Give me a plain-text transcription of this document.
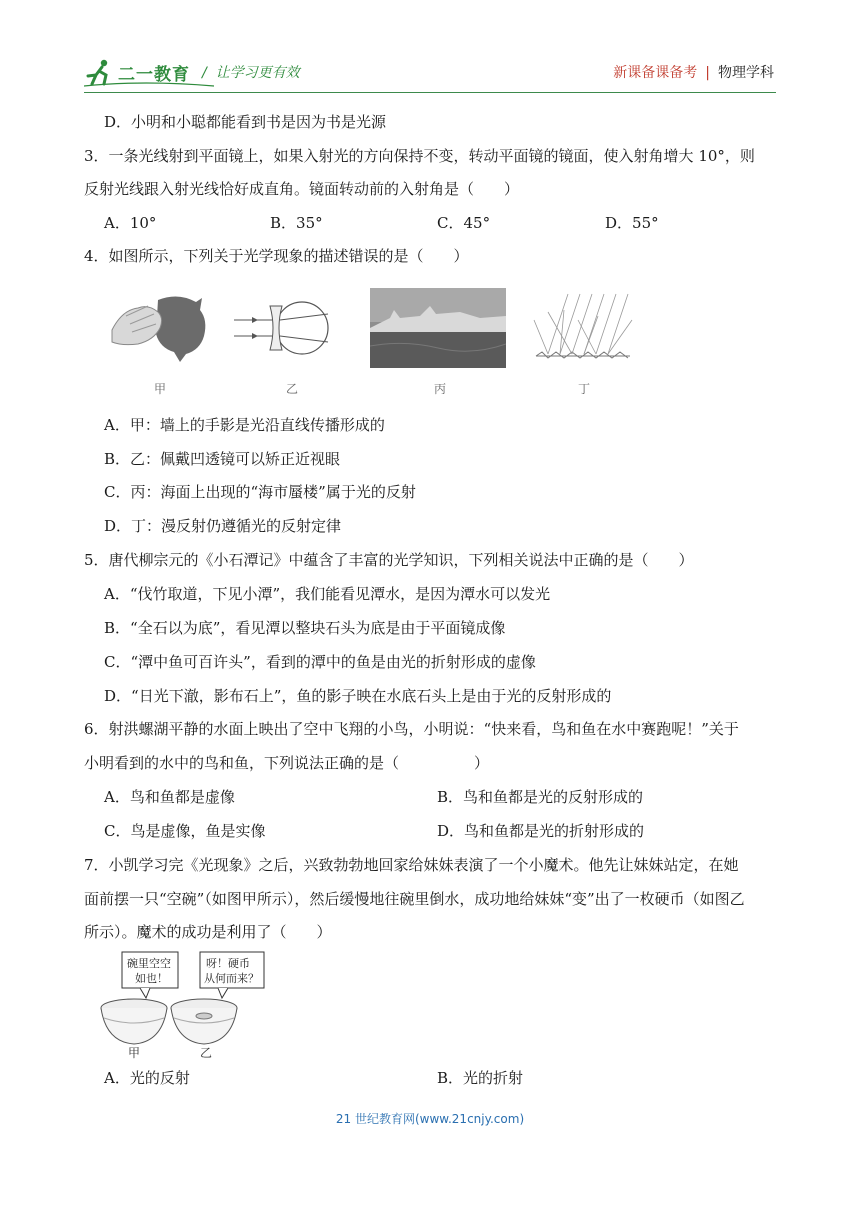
二一教育 /  让学习更有效	新课备课备考 | 物理学科
D．小明和小聪都能看到书是因为书是光源
3．一条光线射到平面镜上，如果入射光的方向保持不变，转动平面镜的镜面，使入射角增大 10°，则
反射光线跟入射光线恰好成直角。镜面转动前的入射角是（　　）
A．10°	B．35°	C．45°	D．55°
4．如图所示，下列关于光学现象的描述错误的是（　　）
甲	乙	丙	丁
A．甲：墙上的手影是光沿直线传播形成的
B．乙：佩戴凹透镜可以矫正近视眼
C．丙：海面上出现的“海市蜃楼”属于光的反射
D．丁：漫反射仍遵循光的反射定律
5．唐代柳宗元的《小石潭记》中蕴含了丰富的光学知识，下列相关说法中正确的是（　　）
A．“伐竹取道，下见小潭”，我们能看见潭水，是因为潭水可以发光
B．“全石以为底”，看见潭以整块石头为底是由于平面镜成像
C．“潭中鱼可百许头”，看到的潭中的鱼是由光的折射形成的虚像
D．“日光下澈，影布石上”，鱼的影子映在水底石头上是由于光的反射形成的
6．射洪螺湖平静的水面上映出了空中飞翔的小鸟，小明说：“快来看，鸟和鱼在水中赛跑呢！”关于
小明看到的水中的鸟和鱼，下列说法正确的是（　　　　　）
A．鸟和鱼都是虚像	B．鸟和鱼都是光的反射形成的
C．鸟是虚像，鱼是实像	D．鸟和鱼都是光的折射形成的
7．小凯学习完《光现象》之后，兴致勃勃地回家给妹妹表演了一个小魔术。他先让妹妹站定，在她
面前摆一只“空碗”（如图甲所示），然后缓慢地往碗里倒水，成功地给妹妹“变”出了一枚硬币（如图乙
所示）。魔术的成功是利用了（　　）
碗里空空
如也！
呀！硬币
从何而来？
甲	乙
A．光的反射	B．光的折射
21 世纪教育网(www.21cnjy.com)
